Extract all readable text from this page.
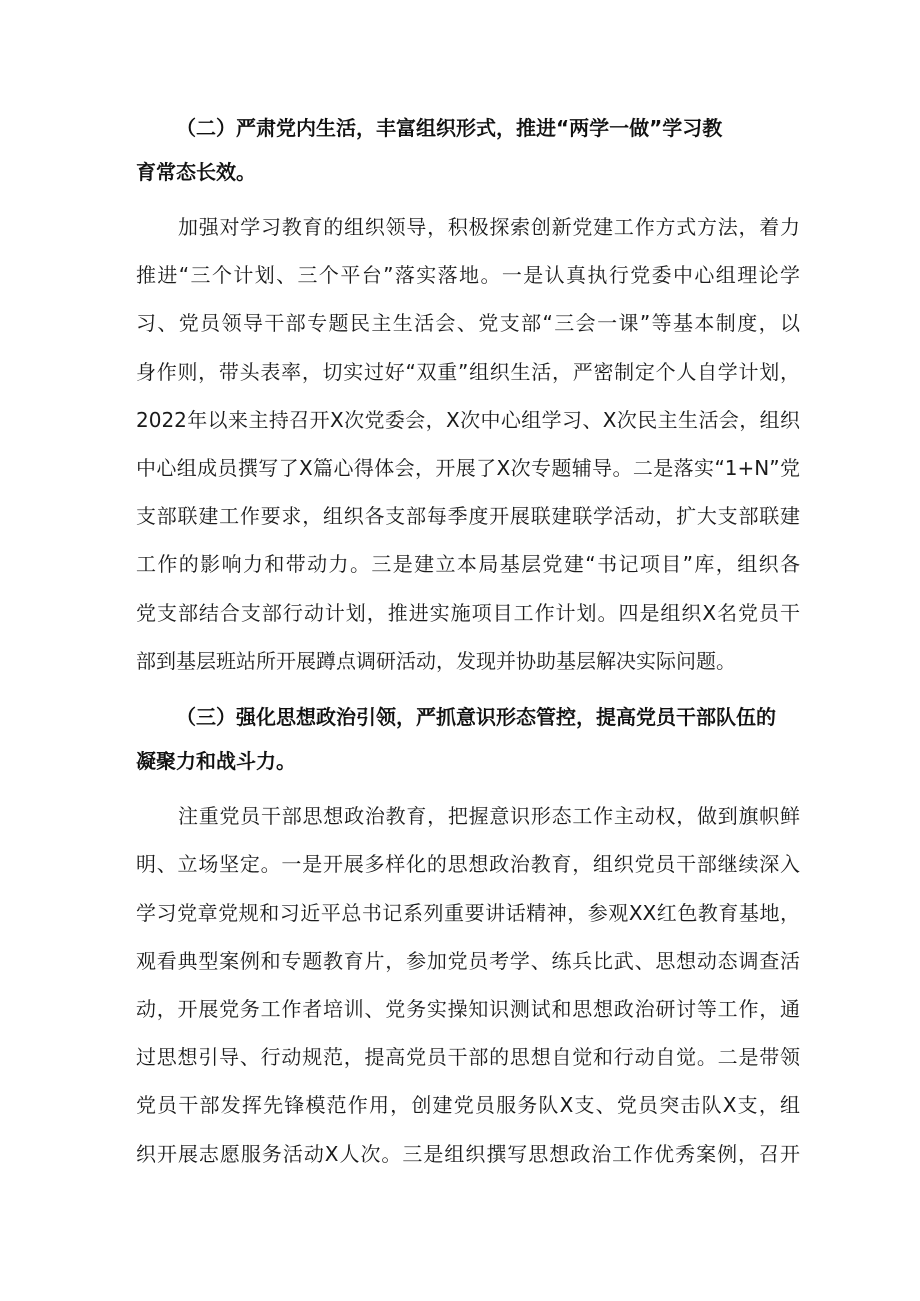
（二）严肃党内生活，丰富组织形式，推进“两学一做”学习教

育常态长效。

加强对学习教育的组织领导，积极探索创新党建工作方式方法，着力

推进“三个计划、三个平台”落实落地。一是认真执行党委中心组理论学

习、党员领导干部专题民主生活会、党支部“三会一课”等基本制度，以

身作则，带头表率，切实过好“双重”组织生活，严密制定个人自学计划，

2022年以来主持召开X次党委会，X次中心组学习、X次民主生活会，组织

中心组成员撰写了X篇心得体会，开展了X次专题辅导。二是落实“1+N”党

支部联建工作要求，组织各支部每季度开展联建联学活动，扩大支部联建

工作的影响力和带动力。三是建立本局基层党建“书记项目”库，组织各

党支部结合支部行动计划，推进实施项目工作计划。四是组织X名党员干

部到基层班站所开展蹲点调研活动，发现并协助基层解决实际问题。

（三）强化思想政治引领，严抓意识形态管控，提高党员干部队伍的

凝聚力和战斗力。

注重党员干部思想政治教育，把握意识形态工作主动权，做到旗帜鲜

明、立场坚定。一是开展多样化的思想政治教育，组织党员干部继续深入

学习党章党规和习近平总书记系列重要讲话精神，参观XX红色教育基地，

观看典型案例和专题教育片，参加党员考学、练兵比武、思想动态调查活

动，开展党务工作者培训、党务实操知识测试和思想政治研讨等工作，通

过思想引导、行动规范，提高党员干部的思想自觉和行动自觉。二是带领

党员干部发挥先锋模范作用，创建党员服务队X支、党员突击队X支，组

织开展志愿服务活动X人次。三是组织撰写思想政治工作优秀案例，召开
